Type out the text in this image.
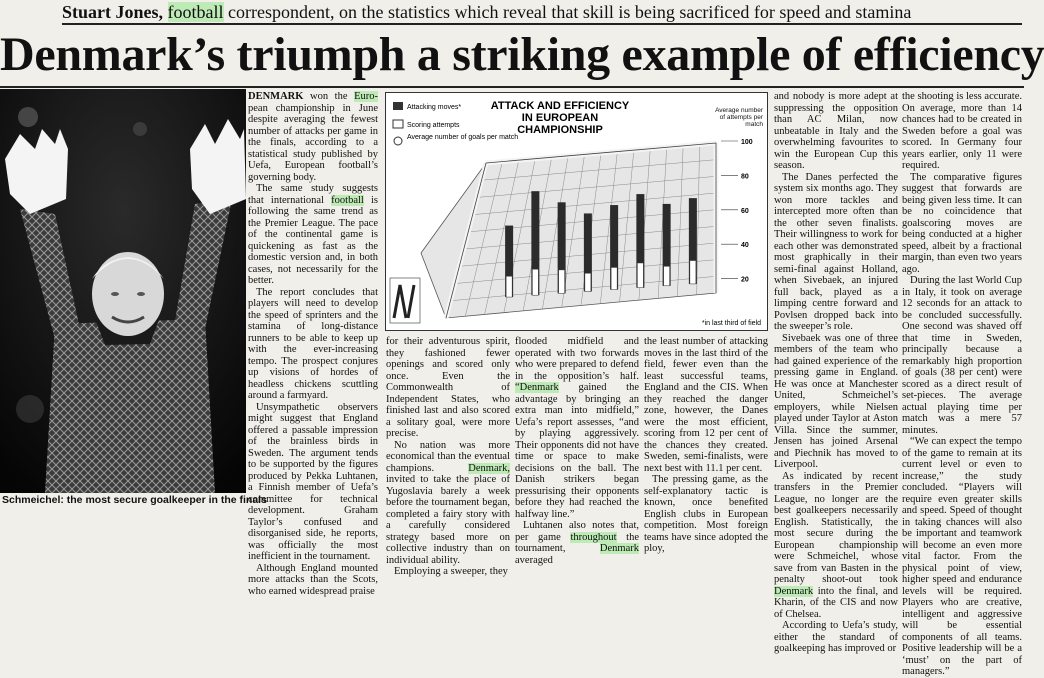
Stuart Jones, football correspondent, on the statistics which reveal that skill is being sacrificed for speed and stamina
Denmark’s triumph a striking example of efficiency
Schmeichel: the most secure goalkeeper in the finals

DENMARK won the Euro-pean championship in June despite averaging the fewest number of attacks per game in the finals, according to a statistical study published by Uefa, European football’s governing body.

The same study suggests that international football is following the same trend as the Premier League. The pace of the continental game is quickening as fast as the domestic version and, in both cases, not necessarily for the better.

The report concludes that players will need to develop the speed of sprinters and the stamina of long-distance runners to be able to keep up with the ever-increasing tempo. The prospect conjures up visions of hordes of headless chickens scuttling around a farmyard.

Unsympathetic observers might suggest that England offered a passable impression of the brainless birds in Sweden. The argument tends to be supported by the figures produced by Pekka Luhtanen, a Finnish member of Uefa’s committee for technical development. Graham Taylor’s confused and disorganised side, he reports, was officially the most inefficient in the tournament.

Although England mounted more attacks than the Scots, who earned widespread praise

Attacking moves*
Scoring attempts
Average number of goals per match
ATTACK AND EFFICIENCY
IN EUROPEAN
CHAMPIONSHIP
Average number of attempts per match
20
40
60
80
100
*in last third of field

for their adventurous spirit, they fashioned fewer openings and scored only once. Even the Commonwealth of Independent States, who finished last and also scored a solitary goal, were more precise.

No nation was more economical than the eventual champions.	Denmark, invited to take the place of Yugoslavia barely a week before the tournament began, completed a fairy story with a carefully considered strategy based more on collective industry than on individual ability.

Employing a sweeper, they

flooded midfield and operated with two forwards who were prepared to defend in the opposition’s half. “Denmark gained the advantage by bringing an extra man into midfield,” Uefa’s report assesses, “and by playing aggressively. Their opponents did not have time or space to make decisions on the ball. The Danish strikers began pressurising their opponents before they had reached the halfway line.”

Luhtanen also notes that, per game throughout the tournament,	Denmark averaged

the least number of attacking moves in the last third of the field, fewer even than the least successful teams, England and the CIS. When they reached the danger zone, however, the Danes were the most efficient, scoring from 12 per cent of the chances they created. Sweden, semi-finalists, were next best with 11.1 per cent.

The pressing game, as the self-explanatory tactic is known, once benefited English clubs in European competition. Most foreign teams have since adopted the ploy,

and nobody is more adept at suppressing the opposition than AC Milan, now unbeatable in Italy and the overwhelming favourites to win the European Cup this season.

The Danes perfected the system six months ago. They won more tackles and intercepted more often than the other seven finalists. Their willingness to work for each other was demonstrated most graphically in their semi-final against Holland, when Sivebaek, an injured full back, played as a limping centre forward and Povlsen dropped back into the sweeper’s role.

Sivebaek was one of three members of the team who had gained experience of the pressing game in England. He was once at Manchester United, Schmeichel’s employers, while Nielsen played under Taylor at Aston Villa. Since the summer, Jensen has joined Arsenal and Piechnik has moved to Liverpool.

As indicated by recent transfers in the Premier League, no longer are the best goalkeepers necessarily English. Statistically, the most secure during the European championship were Schmeichel, whose save from van Basten in the penalty shoot-out took Denmark into the final, and Kharin, of the CIS and now of Chelsea.

According to Uefa’s study, either the standard of goalkeeping has improved or

the shooting is less accurate. On average, more than 14 chances had to be created in Sweden before a goal was scored. In Germany four years earlier, only 11 were required.

The comparative figures suggest that forwards are being given less time. It can be no coincidence that goalscoring moves are being conducted at a higher speed, albeit by a fractional margin, than even two years ago.

During the last World Cup in Italy, it took on average 12 seconds for an attack to be concluded successfully. One second was shaved off that time in Sweden, principally because a remarkably high proportion of goals (38 per cent) were scored as a direct result of set-pieces. The average actual playing time per match was a mere 57 minutes.

“We can expect the tempo of the game to remain at its current level or even to increase,” the study concluded. “Players will require even greater skills and speed. Speed of thought in taking chances will also be important and teamwork will become an even more vital factor. From the physical point of view, higher speed and endurance levels will be required. Players who are creative, intelligent and aggressive will be essential components of all teams. Positive leadership will be a ‘must’ on the part of managers.”
